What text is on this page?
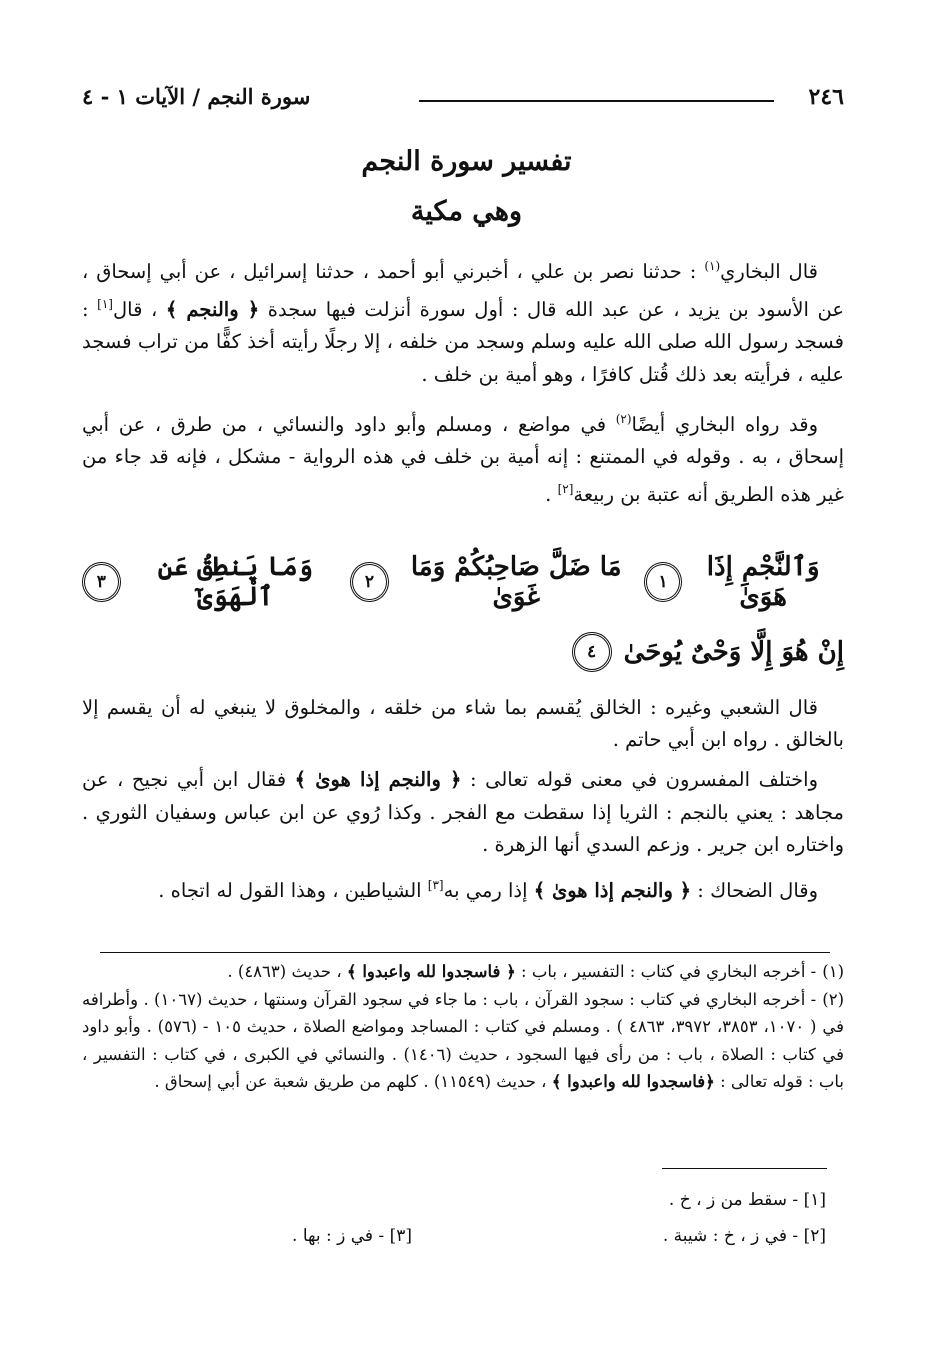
٢٤٦
سورة النجم / الآيات ١ - ٤
تفسير سورة النجم
وهي مكية

قال البخاري$^{(١)}$ : حدثنا نصر بن علي ، أخبرني أبو أحمد ، حدثنا إسرائيل ، عن أبي إسحاق ، عن الأسود بن يزيد ، عن عبد الله قال : أول سورة أنزلت فيها سجدة ﴿ والنجم ﴾ ، قال[١] : فسجد رسول الله صلى الله عليه وسلم وسجد من خلفه ، إلا رجلًا رأيته أخذ كفًّا من تراب فسجد عليه ، فرأيته بعد ذلك قُتل كافرًا ، وهو أمية بن خلف .

وقد رواه البخاري أيضًا$^{(٢)}$ في مواضع ، ومسلم وأبو داود والنسائي ، من طرق ، عن أبي إسحاق ، به . وقوله في الممتنع : إنه أمية بن خلف في هذه الرواية - مشكل ، فإنه قد جاء من غير هذه الطريق أنه عتبة بن ربيعة[٢] .

وَٱلنَّجْمِ إِذَا هَوَىٰ
١
مَا ضَلَّ صَاحِبُكُمْ وَمَا غَوَىٰ
٢
وَمَا يَنطِقُ عَنِ ٱلْهَوَىٰٓ
٣
إِنْ هُوَ إِلَّا وَحْىٌ يُوحَىٰ
٤

قال الشعبي وغيره : الخالق يُقسم بما شاء من خلقه ، والمخلوق لا ينبغي له أن يقسم إلا بالخالق . رواه ابن أبي حاتم .

واختلف المفسرون في معنى قوله تعالى : ﴿ والنجم إذا هوىٰ ﴾ فقال ابن أبي نجيح ، عن مجاهد : يعني بالنجم : الثريا إذا سقطت مع الفجر . وكذا رُوي عن ابن عباس وسفيان الثوري . واختاره ابن جرير . وزعم السدي أنها الزهرة .

وقال الضحاك : ﴿ والنجم إذا هوىٰ ﴾ إذا رمي به[٣] الشياطين ، وهذا القول له اتجاه .

(١)- أخرجه البخاري في كتاب : التفسير ، باب : ﴿ فاسجدوا لله واعبدوا ﴾ ، حديث (٤٨٦٣) .

(٢)- أخرجه البخاري في كتاب : سجود القرآن ، باب : ما جاء في سجود القرآن وسنتها ، حديث (١٠٦٧) . وأطرافه في ( ١٠٧٠، ٣٨٥٣، ٣٩٧٢، ٤٨٦٣ ) . ومسلم في كتاب : المساجد ومواضع الصلاة ، حديث ١٠٥ - (٥٧٦) . وأبو داود في كتاب : الصلاة ، باب : من رأى فيها السجود ، حديث (١٤٠٦) . والنسائي في الكبرى ، في كتاب : التفسير ، باب : قوله تعالى : ﴿فاسجدوا لله واعبدوا ﴾ ، حديث (١١٥٤٩) . كلهم من طريق شعبة عن أبي إسحاق .

[١] - سقط من ز ، خ .
[٢] - في ز ، خ : شيبة .
[٣] - في ز : بها .
